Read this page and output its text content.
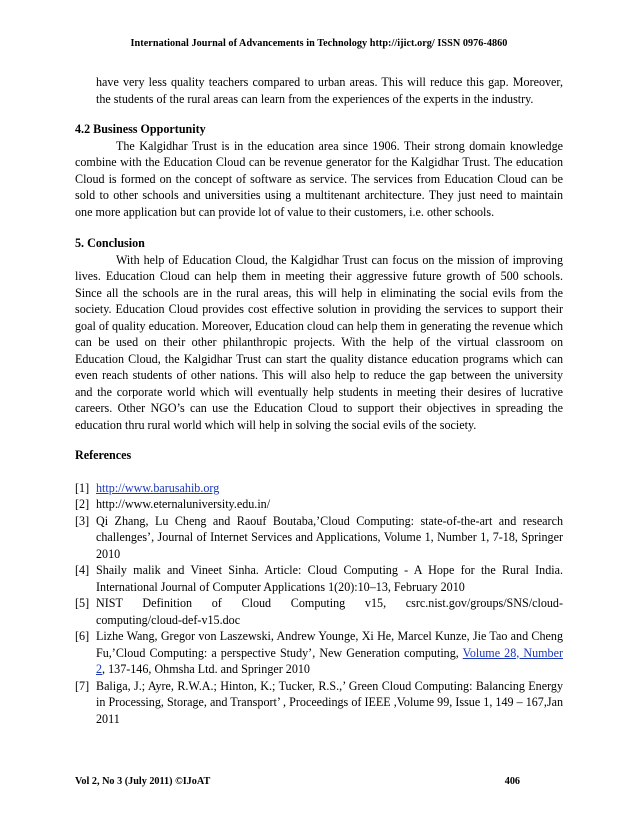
International Journal of Advancements in Technology http://ijict.org/ ISSN 0976-4860

have very less quality teachers compared to urban areas. This will reduce this gap. Moreover, the students of the rural areas can learn from the experiences of the experts in the industry.

4.2 Business Opportunity

The Kalgidhar Trust is in the education area since 1906. Their strong domain knowledge combine with the Education Cloud can be revenue generator for the Kalgidhar Trust. The education Cloud is formed on the concept of software as service. The services from Education Cloud can be sold to other schools and universities using a multitenant architecture. They just need to maintain one more application but can provide lot of value to their customers, i.e. other schools.

5. Conclusion

With help of Education Cloud, the Kalgidhar Trust can focus on the mission of improving lives. Education Cloud can help them in meeting their aggressive future growth of 500 schools. Since all the schools are in the rural areas, this will help in eliminating the social evils from the society. Education Cloud provides cost effective solution in providing the services to support their goal of quality education. Moreover, Education cloud can help them in generating the revenue which can be used on their other philanthropic projects. With the help of the virtual classroom on Education Cloud, the Kalgidhar Trust can start the quality distance education programs which can even reach students of other nations. This will also help to reduce the gap between the university and the corporate world which will eventually help students in meeting their desires of lucrative careers. Other NGO’s can use the Education Cloud to support their objectives in spreading the education thru rural world which will help in solving the social evils of the society.

References

[1] http://www.barusahib.org
[2] http://www.eternaluniversity.edu.in/
[3] Qi Zhang, Lu Cheng and Raouf Boutaba,’Cloud Computing: state-of-the-art and research challenges’, Journal of Internet Services and Applications, Volume 1, Number 1, 7-18, Springer 2010
[4] Shaily malik and Vineet Sinha. Article: Cloud Computing - A Hope for the Rural India. International Journal of Computer Applications 1(20):10–13, February 2010
[5] NIST Definition of Cloud Computing v15, csrc.nist.gov/groups/SNS/cloud-
computing/cloud-def-v15.doc
[6] Lizhe Wang, Gregor von Laszewski, Andrew Younge, Xi He, Marcel Kunze, Jie Tao and Cheng Fu,’Cloud Computing: a perspective Study’, New Generation computing, Volume 28, Number 2, 137-146, Ohmsha Ltd. and Springer 2010
[7] Baliga, J.; Ayre, R.W.A.; Hinton, K.; Tucker, R.S.,’ Green Cloud Computing: Balancing Energy in Processing, Storage, and Transport’ , Proceedings of IEEE ,Volume 99, Issue 1, 149 – 167,Jan 2011
Vol 2, No 3 (July 2011) ©IJoAT	406
